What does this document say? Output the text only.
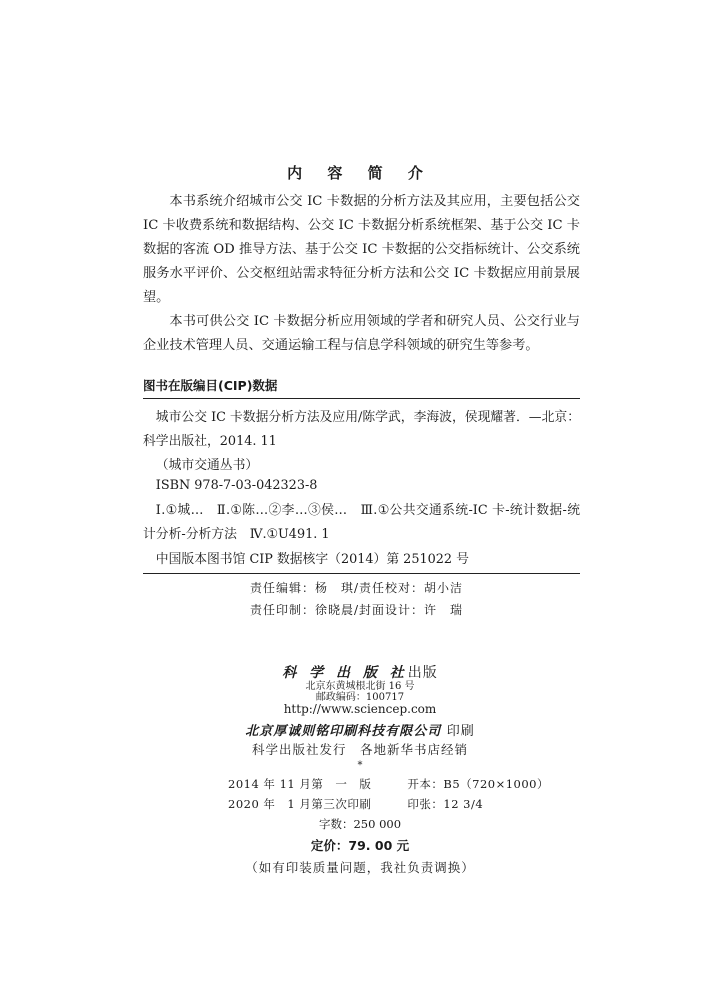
内 容 简 介

本书系统介绍城市公交 IC 卡数据的分析方法及其应用，主要包括公交 IC 卡收费系统和数据结构、公交 IC 卡数据分析系统框架、基于公交 IC 卡数据的客流 OD 推导方法、基于公交 IC 卡数据的公交指标统计、公交系统服务水平评价、公交枢纽站需求特征分析方法和公交 IC 卡数据应用前景展望。

本书可供公交 IC 卡数据分析应用领域的学者和研究人员、公交行业与企业技术管理人员、交通运输工程与信息学科领域的研究生等参考。

图书在版编目(CIP)数据
城市公交 IC 卡数据分析方法及应用/陈学武，李海波，侯现耀著．—北京：科学出版社，2014. 11
（城市交通丛书）
ISBN 978-7-03-042323-8
Ⅰ.①城…　Ⅱ.①陈…②李…③侯…　Ⅲ.①公共交通系统-IC 卡-统计数据-统计分析-分析方法　Ⅳ.①U491. 1
中国版本图书馆 CIP 数据核字（2014）第 251022 号
责任编辑：杨　琪/责任校对：胡小洁
责任印制：徐晓晨/封面设计：许　瑞
科 学 出 版 社出版
北京东黄城根北街 16 号
邮政编码：100717
http://www.sciencep.com
北京厚诚则铭印刷科技有限公司 印刷
科学出版社发行　各地新华书店经销
*
2014 年 11 月第　一　版　　　开本：B5（720×1000）
2020 年　1 月第三次印刷　　　印张：12 3/4
字数：250 000
定价：79. 00 元
（如有印装质量问题，我社负责调换）
